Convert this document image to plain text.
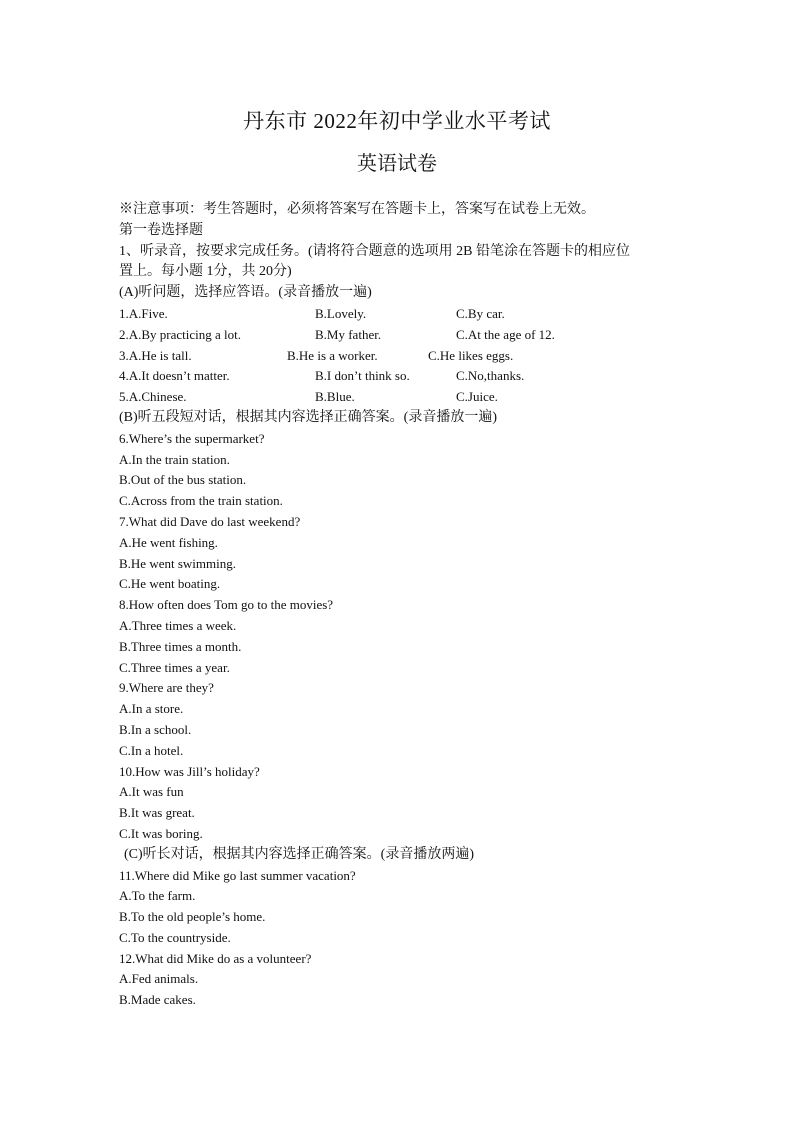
丹东市 2022年初中学业水平考试
英语试卷
※注意事项：考生答题时，必须将答案写在答题卡上，答案写在试卷上无效。
第一卷选择题
1、听录音，按要求完成任务。(请将符合题意的选项用 2B 铅笔涂在答题卡的相应位
置上。每小题 1分，共 20分)
(A)听问题，选择应答语。(录音播放一遍)
1.A.Five.	B.Lovely.	C.By car.
2.A.By practicing a lot.	B.My father.	C.At the age of 12.
3.A.He is tall.	B.He is a worker.	C.He likes eggs.
4.A.It doesn’t matter.	B.I don’t think so.	C.No,thanks.
5.A.Chinese.	B.Blue.	C.Juice.
(B)听五段短对话，根据其内容选择正确答案。(录音播放一遍)
6.Where’s the supermarket?
A.In the train station.
B.Out of the bus station.
C.Across from the train station.
7.What did Dave do last weekend?
A.He went fishing.
B.He went swimming.
C.He went boating.
8.How often does Tom go to the movies?
A.Three times a week.
B.Three times a month.
C.Three times a year.
9.Where are they?
A.In a store.
B.In a school.
C.In a hotel.
10.How was Jill’s holiday?
A.It was fun
B.It was great.
C.It was boring.
(C)听长对话，根据其内容选择正确答案。(录音播放两遍)
11.Where did Mike go last summer vacation?
A.To the farm.
B.To the old people’s home.
C.To the countryside.
12.What did Mike do as a volunteer?
A.Fed animals.
B.Made cakes.
